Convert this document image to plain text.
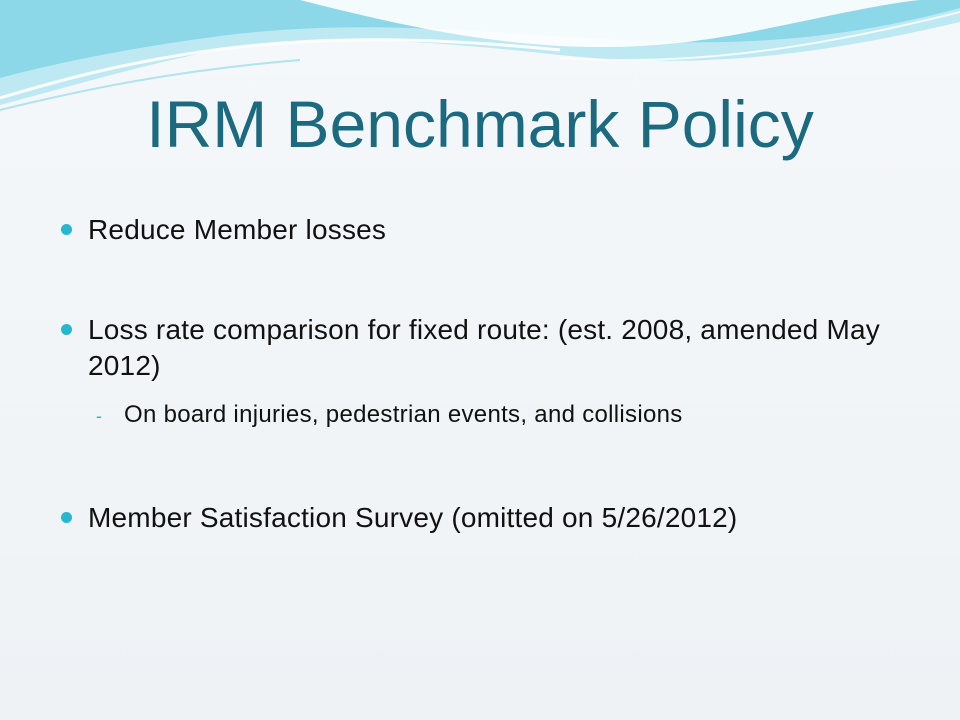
IRM Benchmark Policy
Reduce Member losses
Loss rate comparison for fixed route: (est. 2008, amended May 2012)
- On board injuries, pedestrian events, and collisions
Member Satisfaction Survey (omitted on 5/26/2012)
